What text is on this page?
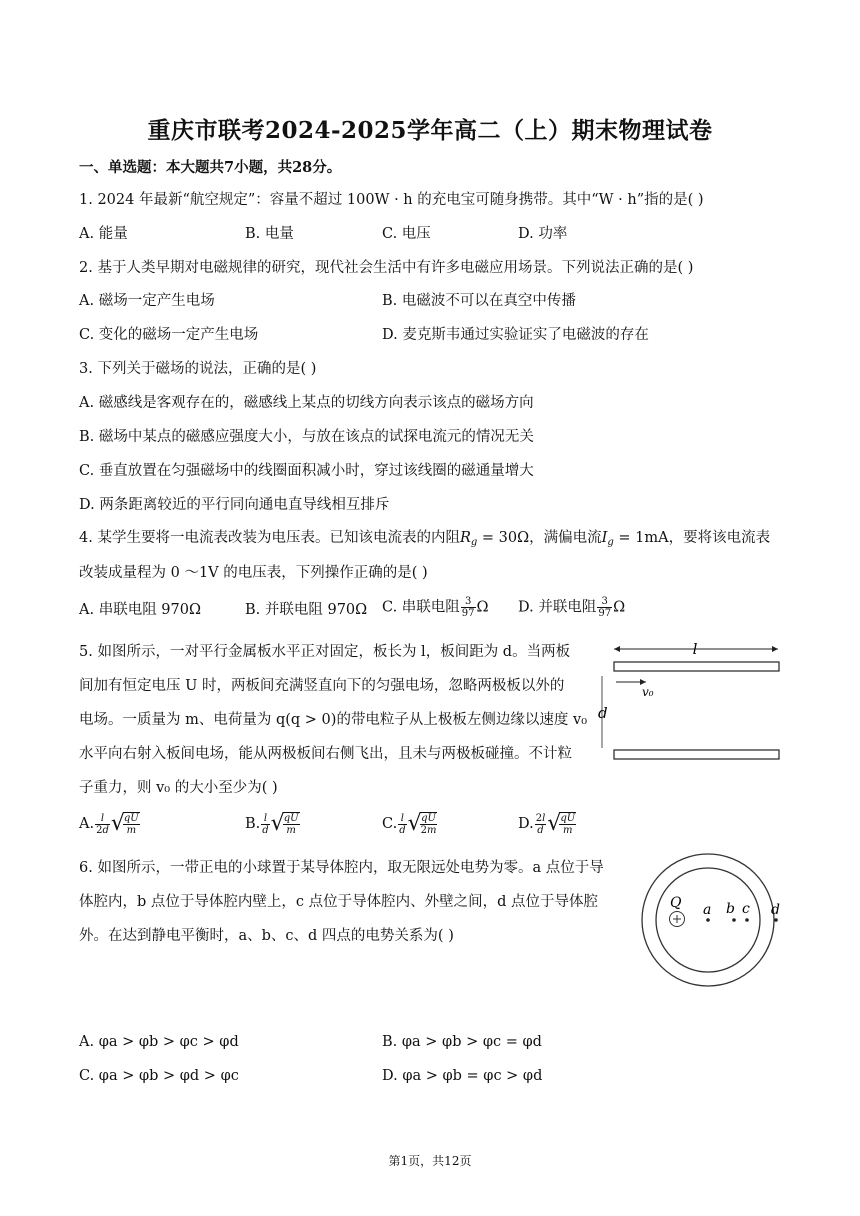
重庆市联考2024-2025学年高二（上）期末物理试卷
一、单选题：本大题共7小题，共28分。
1. 2024 年最新“航空规定”：容量不超过 100W · h 的充电宝可随身携带。其中“W · h”指的是( )
A. 能量	B. 电量	C. 电压	D. 功率
2. 基于人类早期对电磁规律的研究，现代社会生活中有许多电磁应用场景。下列说法正确的是( )
A. 磁场一定产生电场	B. 电磁波不可以在真空中传播
C. 变化的磁场一定产生电场	D. 麦克斯韦通过实验证实了电磁波的存在
3. 下列关于磁场的说法，正确的是( )
A. 磁感线是客观存在的，磁感线上某点的切线方向表示该点的磁场方向
B. 磁场中某点的磁感应强度大小，与放在该点的试探电流元的情况无关
C. 垂直放置在匀强磁场中的线圈面积减小时，穿过该线圈的磁通量增大
D. 两条距离较近的平行同向通电直导线相互排斥
4. 某学生要将一电流表改装为电压表。已知该电流表的内阻$R_g = 30\Omega$，满偏电流$I_g = 1mA$，要将该电流表
改装成量程为 0 ～1V 的电压表，下列操作正确的是( )
A. 串联电阻 970Ω	B. 并联电阻 970Ω C. 串联电阻 $\frac{3}{97}$ Ω D. 并联电阻 $\frac{3}{97}$ Ω
5. 如图所示，一对平行金属板水平正对固定，板长为 l，板间距为 d。当两板
间加有恒定电压 U 时，两板间充满竖直向下的匀强电场，忽略两极板以外的
电场。一质量为 m、电荷量为 q(q > 0)的带电粒子从上极板左侧边缘以速度 v₀
水平向右射入板间电场，能从两极板间右侧飞出，且未与两极板碰撞。不计粒
子重力，则 v₀ 的大小至少为( )
l
v₀
d
A. $\frac{l}{2d}$ √
$\frac{qU}{m}$	B. $\frac{l}{d}$ √
$\frac{qU}{m}$	C. $\frac{l}{d}$ √
$\frac{qU}{2m}$	D. $\frac{2l}{d}$ √
$\frac{qU}{m}$
6. 如图所示，一带正电的小球置于某导体腔内，取无限远处电势为零。a 点位于导
体腔内，b 点位于导体腔内壁上，c 点位于导体腔内、外壁之间，d 点位于导体腔
外。在达到静电平衡时，a、b、c、d 四点的电势关系为( )
Q a b c d
A. φa > φb > φc > φd	B. φa > φb > φc = φd
C. φa > φb > φd > φc	D. φa > φb = φc > φd
第1页，共12页
